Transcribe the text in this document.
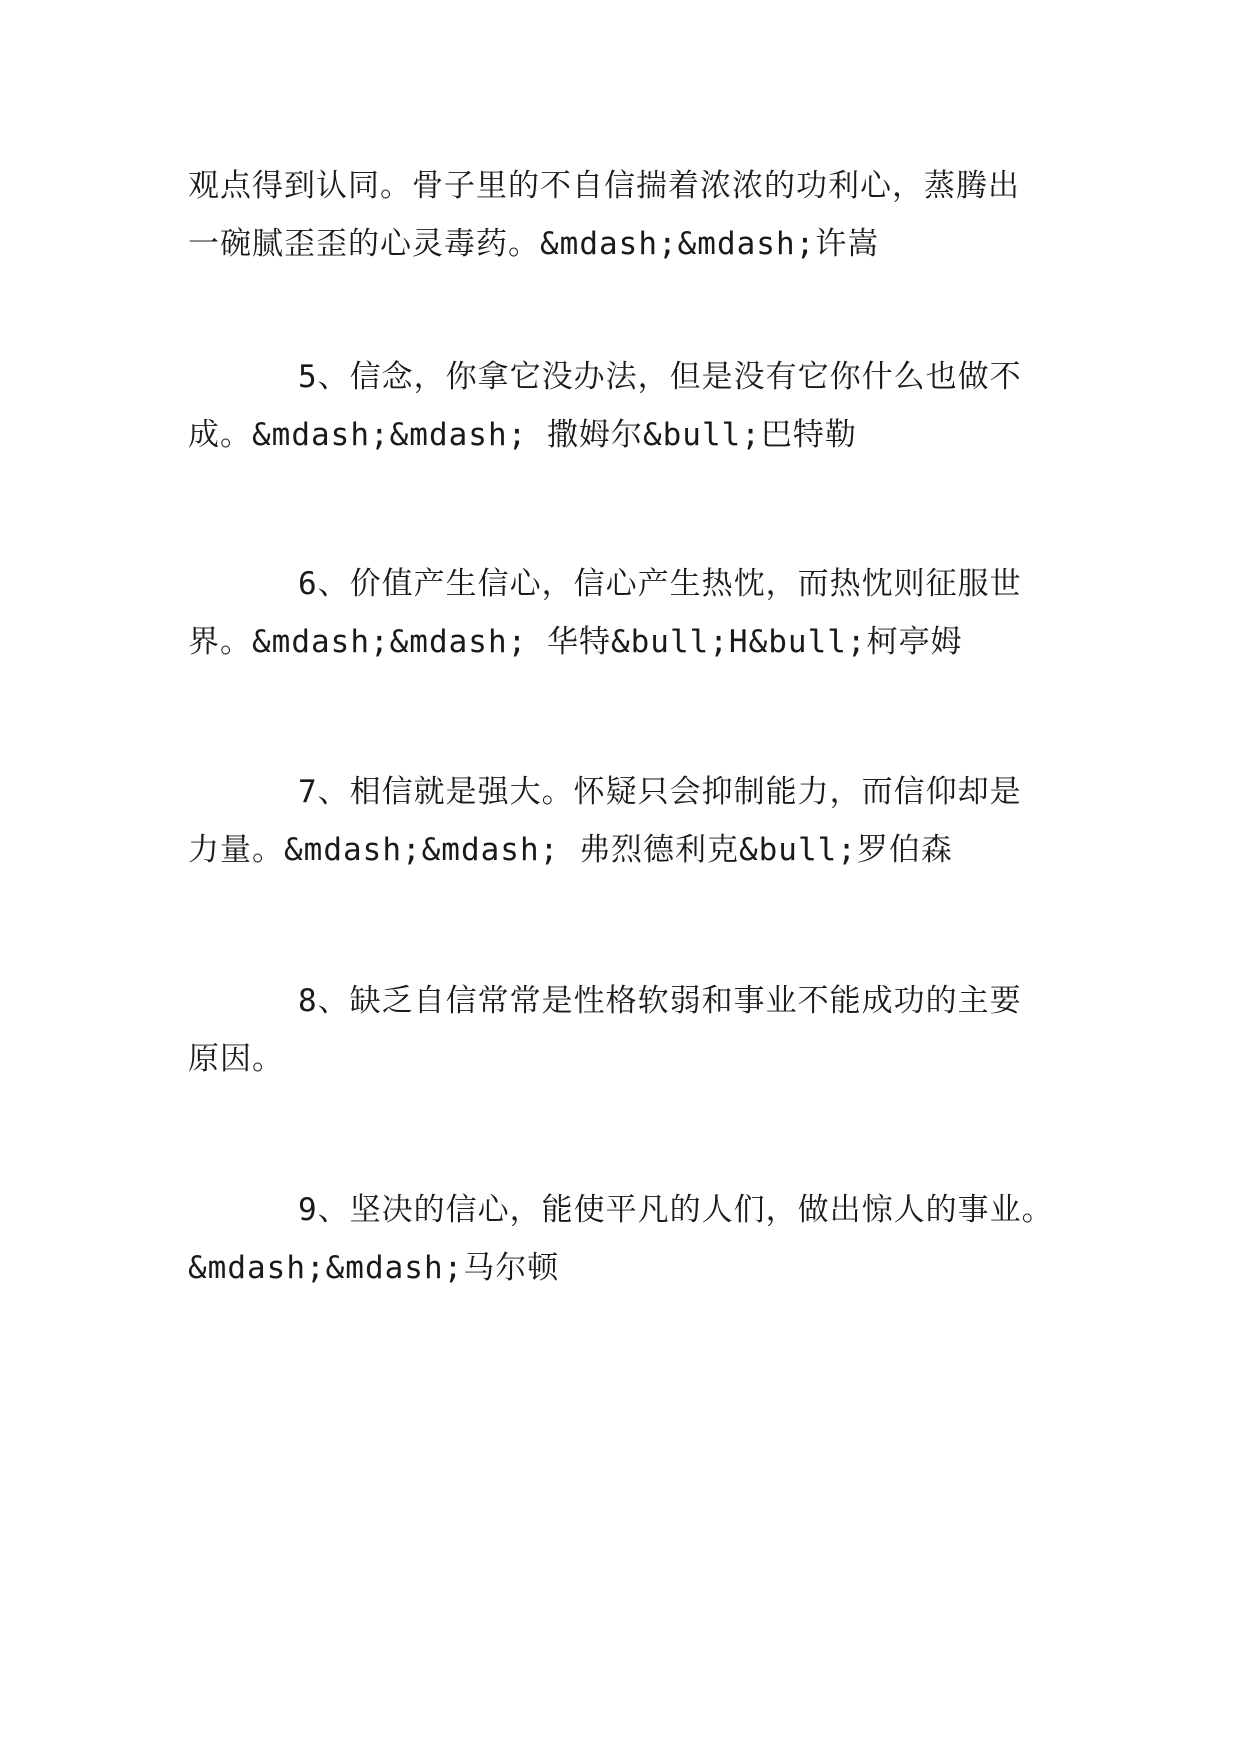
观点得到认同。骨子里的不自信揣着浓浓的功利心，蒸腾出
一碗腻歪歪的心灵毒药。&mdash;&mdash;许嵩
5、信念，你拿它没办法，但是没有它你什么也做不
成。&mdash;&mdash; 撒姆尔&bull;巴特勒
6、价值产生信心，信心产生热忱，而热忱则征服世
界。&mdash;&mdash; 华特&bull;H&bull;柯亭姆
7、相信就是强大。怀疑只会抑制能力，而信仰却是
力量。&mdash;&mdash; 弗烈德利克&bull;罗伯森
8、缺乏自信常常是性格软弱和事业不能成功的主要
原因。
9、坚决的信心，能使平凡的人们，做出惊人的事业。
&mdash;&mdash;马尔顿
